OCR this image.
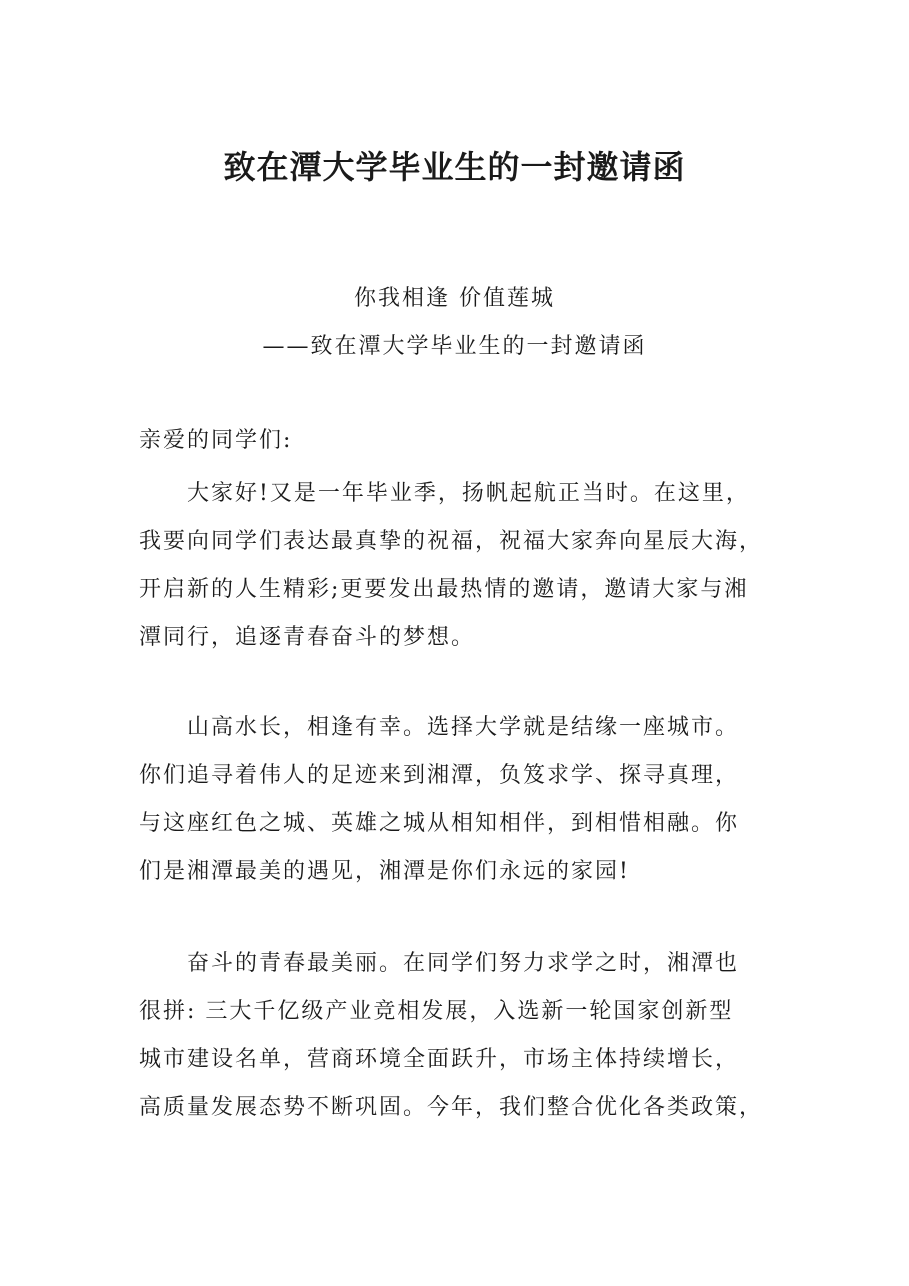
致在潭大学毕业生的一封邀请函
你我相逢 价值莲城
——致在潭大学毕业生的一封邀请函
亲爱的同学们:

大家好!又是一年毕业季，扬帆起航正当时。在这里，
我要向同学们表达最真挚的祝福，祝福大家奔向星辰大海，
开启新的人生精彩;更要发出最热情的邀请，邀请大家与湘
潭同行，追逐青春奋斗的梦想。

山高水长，相逢有幸。选择大学就是结缘一座城市。
你们追寻着伟人的足迹来到湘潭，负笈求学、探寻真理，
与这座红色之城、英雄之城从相知相伴，到相惜相融。你
们是湘潭最美的遇见，湘潭是你们永远的家园!

奋斗的青春最美丽。在同学们努力求学之时，湘潭也
很拼: 三大千亿级产业竞相发展，入选新一轮国家创新型
城市建设名单，营商环境全面跃升，市场主体持续增长，
高质量发展态势不断巩固。今年，我们整合优化各类政策，
